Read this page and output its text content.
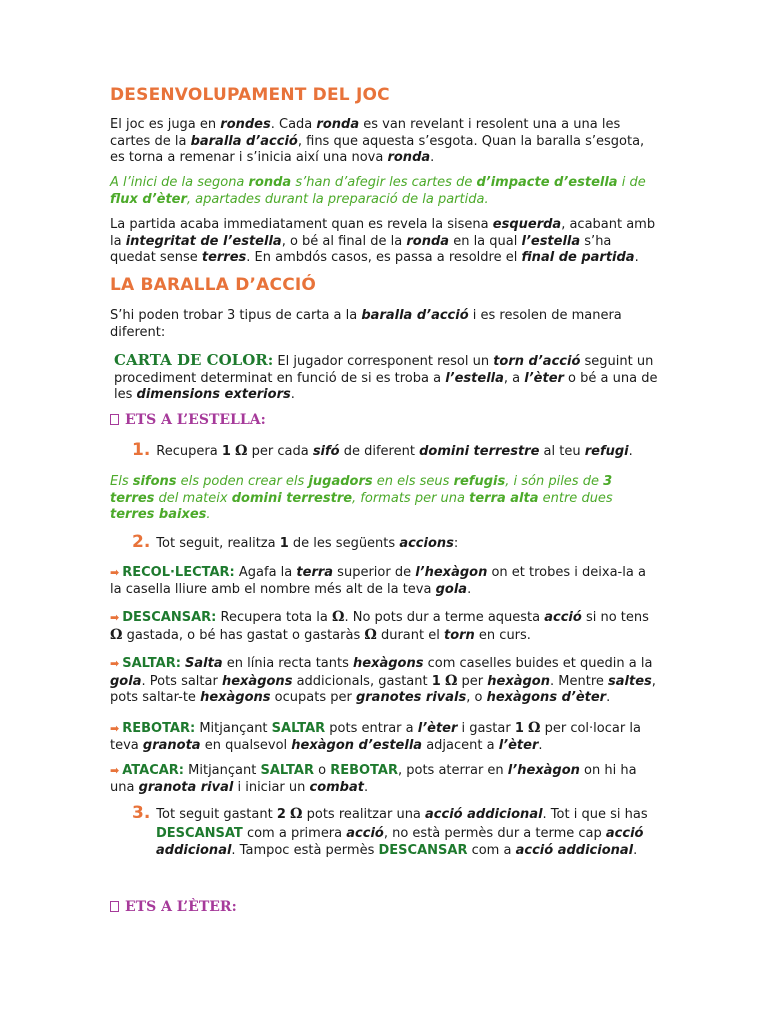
DESENVOLUPAMENT DEL JOC
El joc es juga en rondes. Cada ronda es van revelant i resolent una a una les cartes de la baralla d’acció, fins que aquesta s’esgota. Quan la baralla s’esgota, es torna a remenar i s’inicia així una nova ronda.
A l’inici de la segona ronda s’han d’afegir les cartes de d’impacte d’estella i de flux d’èter, apartades durant la preparació de la partida.
La partida acaba immediatament quan es revela la sisena esquerda, acabant amb la integritat de l’estella, o bé al final de la ronda en la qual l’estella s’ha quedat sense terres. En ambdós casos, es passa a resoldre el final de partida.
LA BARALLA D’ACCIÓ
S’hi poden trobar 3 tipus de carta a la baralla d’acció i es resolen de manera diferent:
CARTA DE COLOR: El jugador corresponent resol un torn d’acció seguint un procediment determinat en funció de si es troba a l’estella, a l’èter o bé a una de les dimensions exteriors.
ETS A L’ESTELLA:
1. Recupera 1 Ω per cada sifó de diferent domini terrestre al teu refugi.
Els sifons els poden crear els jugadors en els seus refugis, i són piles de 3 terres del mateix domini terrestre, formats per una terra alta entre dues terres baixes.
2. Tot seguit, realitza 1 de les següents accions:
➡ RECOL·LECTAR: Agafa la terra superior de l’hexàgon on et trobes i deixa-la a la casella lliure amb el nombre més alt de la teva gola.
➡ DESCANSAR: Recupera tota la Ω. No pots dur a terme aquesta acció si no tens Ω gastada, o bé has gastat o gastaràs Ω durant el torn en curs.
➡ SALTAR: Salta en línia recta tants hexàgons com caselles buides et quedin a la gola. Pots saltar hexàgons addicionals, gastant 1 Ω per hexàgon. Mentre saltes, pots saltar-te hexàgons ocupats per granotes rivals, o hexàgons d’èter.
➡ REBOTAR: Mitjançant SALTAR pots entrar a l’èter i gastar 1 Ω per col·locar la teva granota en qualsevol hexàgon d’estella adjacent a l’èter.
➡ ATACAR: Mitjançant SALTAR o REBOTAR, pots aterrar en l’hexàgon on hi ha una granota rival i iniciar un combat.
3. Tot seguit gastant 2 Ω pots realitzar una acció addicional. Tot i que si has
DESCANSAT com a primera acció, no està permès dur a terme cap acció addicional. Tampoc està permès DESCANSAR com a acció addicional.
ETS A L’ÈTER:
